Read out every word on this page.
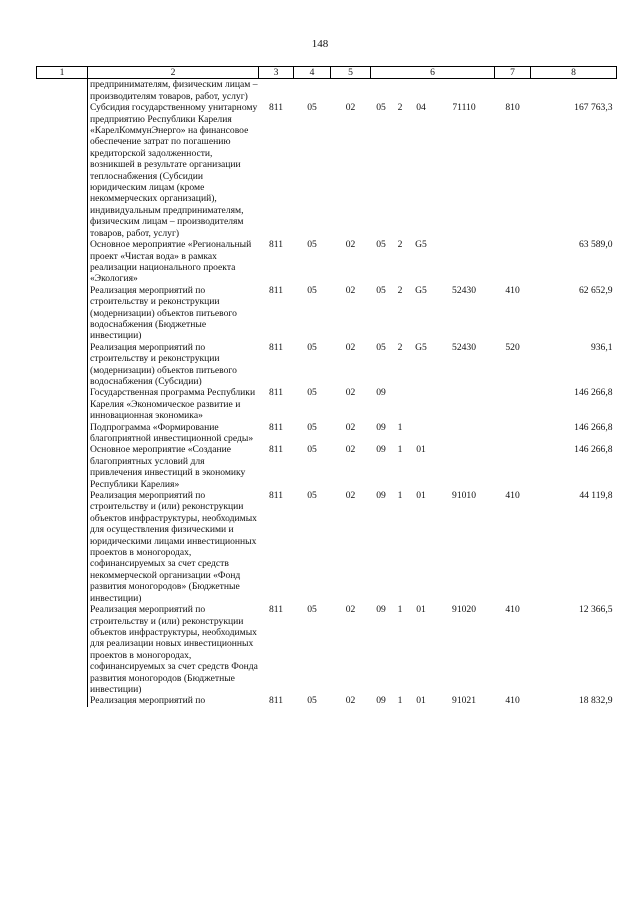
148
1	2	3	4	5	6				7	8
	предпринимателям, физическим лицам – производителям товаров, работ, услуг)									
	Субсидия государственному унитарному предприятию Республики Карелия «КарелКоммунЭнерго» на финансовое обеспечение затрат по погашению кредиторской задолженности, возникшей в результате организации теплоснабжения (Субсидии юридическим лицам (кроме некоммерческих организаций), индивидуальным предпринимателям, физическим лицам – производителям товаров, работ, услуг)	811	05	02	05	2	04	71110	810	167 763,3
	Основное мероприятие «Региональный проект «Чистая вода» в рамках реализации национального проекта «Экология»	811	05	02	05	2	G5			63 589,0
	Реализация мероприятий по строительству и реконструкции (модернизации) объектов питьевого водоснабжения (Бюджетные инвестиции)	811	05	02	05	2	G5	52430	410	62 652,9
	Реализация мероприятий по строительству и реконструкции (модернизации) объектов питьевого водоснабжения (Субсидии)	811	05	02	05	2	G5	52430	520	936,1
	Государственная программа Республики Карелия «Экономическое развитие и инновационная экономика»	811	05	02	09					146 266,8
	Подпрограмма «Формирование благоприятной инвестиционной среды»	811	05	02	09	1				146 266,8
	Основное мероприятие «Создание благоприятных условий для привлечения инвестиций в экономику Республики Карелия»	811	05	02	09	1	01			146 266,8
	Реализация мероприятий по строительству и (или) реконструкции объектов инфраструктуры, необходимых для осуществления физическими и юридическими лицами инвестиционных проектов в моногородах, софинансируемых за счет средств некоммерческой организации «Фонд развития моногородов» (Бюджетные инвестиции)	811	05	02	09	1	01	91010	410	44 119,8
	Реализация мероприятий по строительству и (или) реконструкции объектов инфраструктуры, необходимых для реализации новых инвестиционных проектов в моногородах, софинансируемых за счет средств Фонда развития моногородов (Бюджетные инвестиции)	811	05	02	09	1	01	91020	410	12 366,5
	Реализация мероприятий по	811	05	02	09	1	01	91021	410	18 832,9
